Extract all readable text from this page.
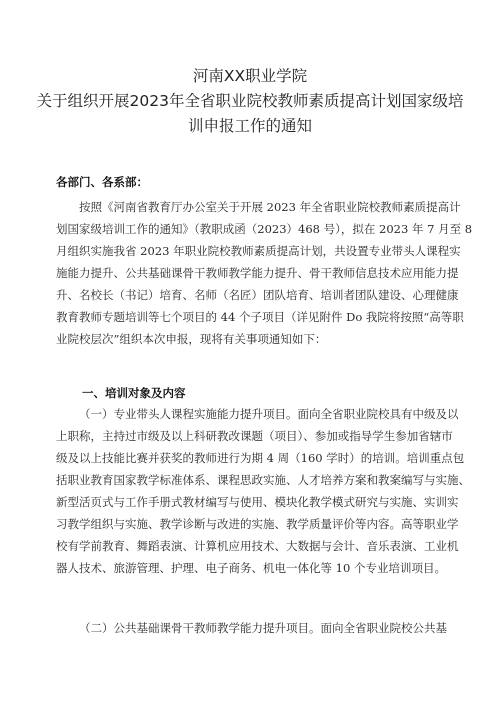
河南XX职业学院
关于组织开展2023年全省职业院校教师素质提高计划国家级培
训申报工作的通知
各部门、各系部：
按照《河南省教育厅办公室关于开展 2023 年全省职业院校教师素质提高计
划国家级培训工作的通知》（教职成函（2023）468 号），拟在 2023 年 7 月至 8
月组织实施我省 2023 年职业院校教师素质提高计划，共设置专业带头人课程实
施能力提升、公共基础课骨干教师教学能力提升、骨干教师信息技术应用能力提
升、名校长（书记）培育、名师（名匠）团队培育、培训者团队建设、心理健康
教育教师专题培训等七个项目的 44 个子项目（详见附件 Do 我院将按照“高等职
业院校层次”组织本次申报，现将有关事项通知如下：
一、培训对象及内容
（一）专业带头人课程实施能力提升项目。面向全省职业院校具有中级及以
上职称，主持过市级及以上科研教改课题（项目）、参加或指导学生参加省辖市
级及以上技能比赛并获奖的教师进行为期 4 周（160 学时）的培训。培训重点包
括职业教育国家教学标准体系、课程思政实施、人才培养方案和教案编写与实施、
新型活页式与工作手册式教材编写与使用、模块化教学模式研究与实施、实训实
习教学组织与实施、教学诊断与改进的实施、教学质量评价等内容。高等职业学
校有学前教育、舞蹈表演、计算机应用技术、大数据与会计、音乐表演、工业机
器人技术、旅游管理、护理、电子商务、机电一体化等 10 个专业培训项目。
（二）公共基础课骨干教师教学能力提升项目。面向全省职业院校公共基
